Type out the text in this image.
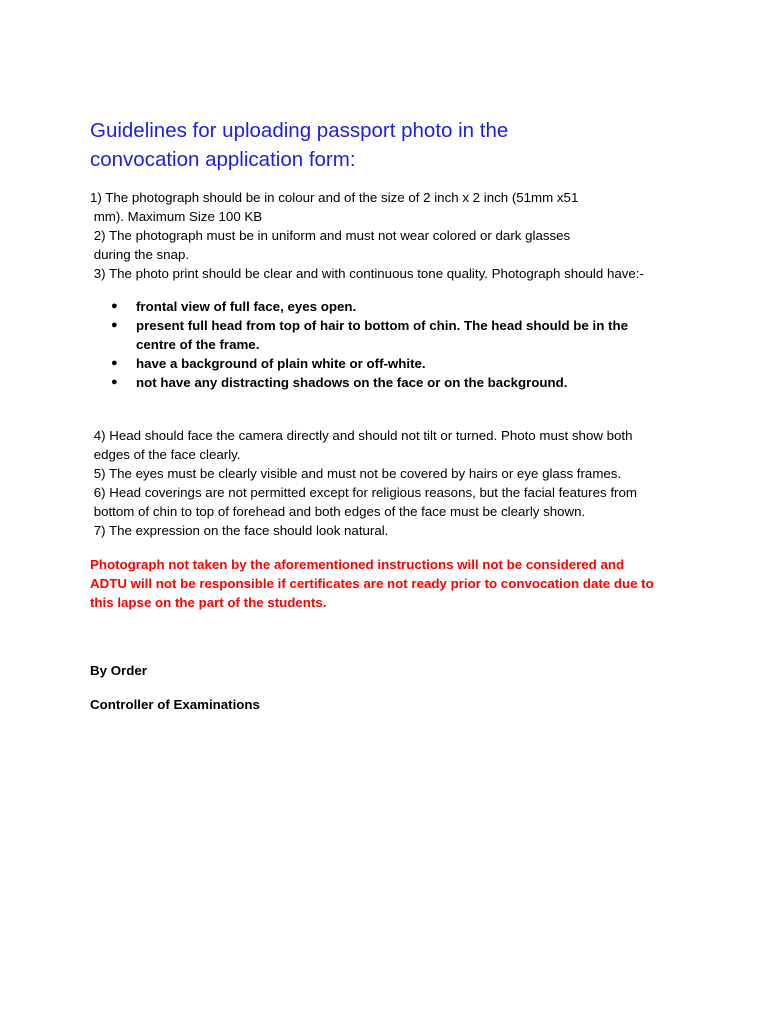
Guidelines for uploading passport photo in the
convocation application form:
1) The photograph should be in colour and of the size of 2 inch x 2 inch (51mm x51
mm). Maximum Size 100 KB
2) The photograph must be in uniform and must not wear colored or dark glasses
during the snap.
3) The photo print should be clear and with continuous tone quality. Photograph should have:-
● frontal view of full face, eyes open.
● present full head from top of hair to bottom of chin. The head should be in the
centre of the frame.
● have a background of plain white or off-white.
● not have any distracting shadows on the face or on the background.
4) Head should face the camera directly and should not tilt or turned. Photo must show both
edges of the face clearly.
5) The eyes must be clearly visible and must not be covered by hairs or eye glass frames.
6) Head coverings are not permitted except for religious reasons, but the facial features from
bottom of chin to top of forehead and both edges of the face must be clearly shown.
7) The expression on the face should look natural.
Photograph not taken by the aforementioned instructions will not be considered and
ADTU will not be responsible if certificates are not ready prior to convocation date due to
this lapse on the part of the students.
By Order
Controller of Examinations
